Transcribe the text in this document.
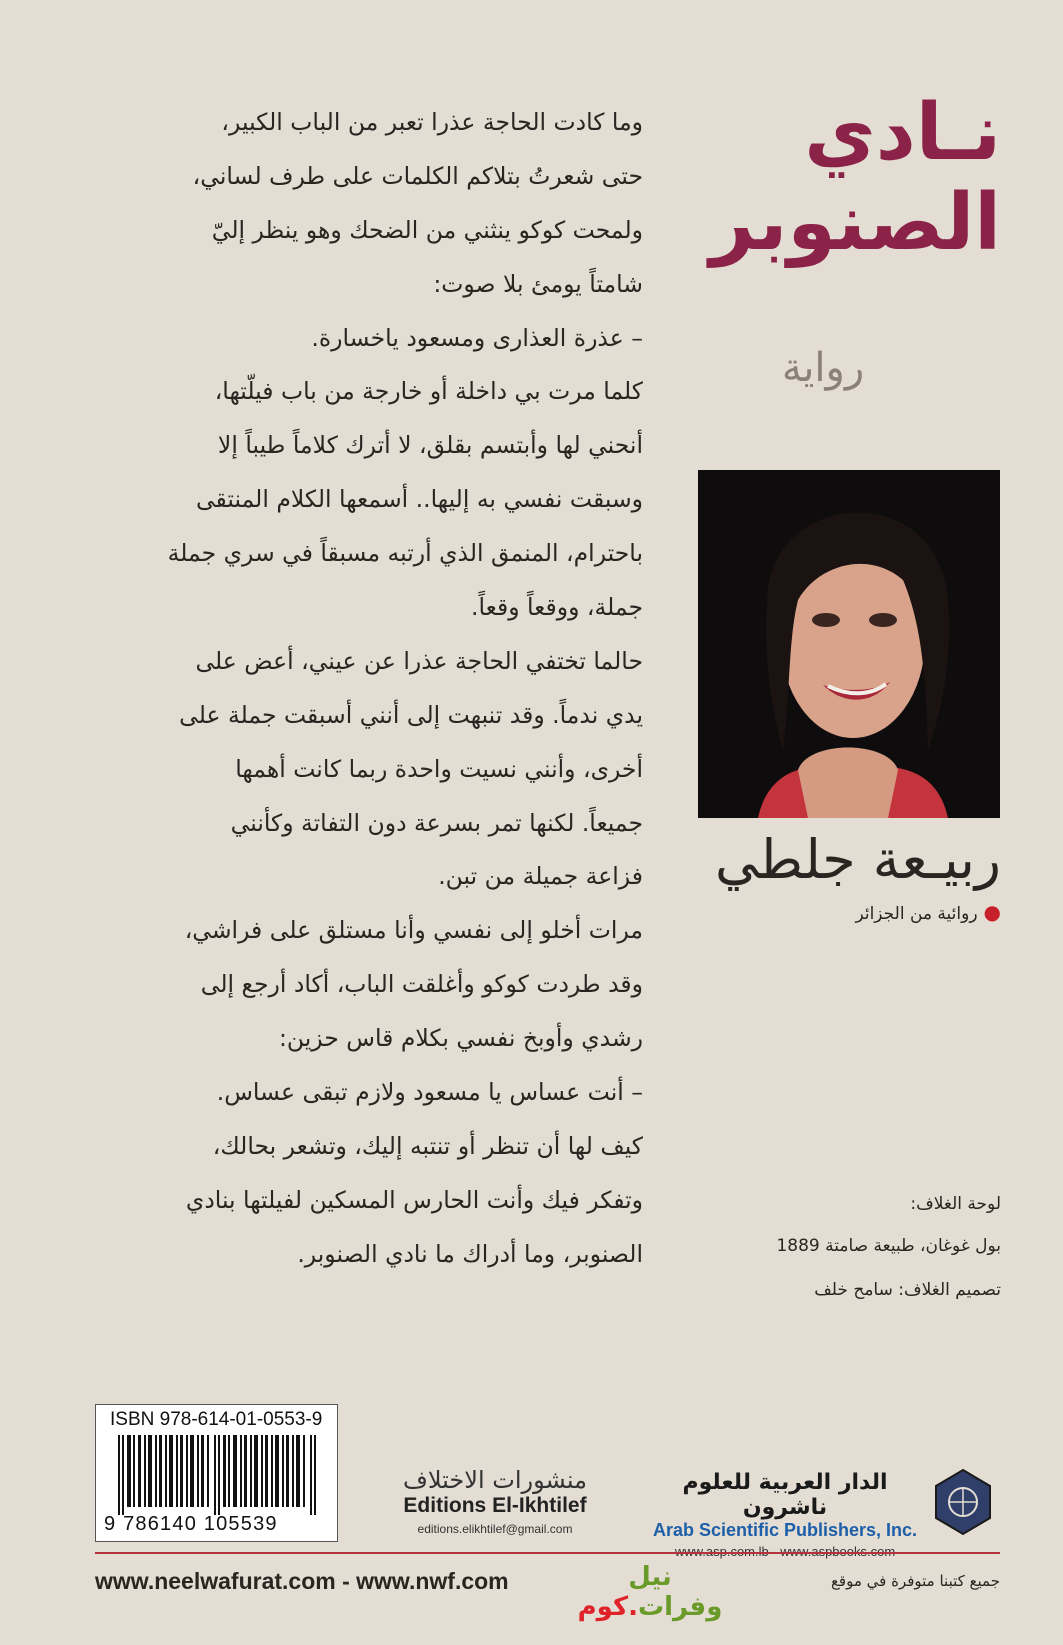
نـادي
الصنوبر
رواية
ربيـعة جلطي
●روائية من الجزائر
وما كادت الحاجة عذرا تعبر من الباب الكبير،
حتى شعرتُ بتلاكم الكلمات على طرف لساني،
ولمحت كوكو ينثني من الضحك وهو ينظر إليّ
شامتاً يومئ بلا صوت:
– عذرة العذارى ومسعود ياخسارة.
كلما مرت بي داخلة أو خارجة من باب فيلّتها،
أنحني لها وأبتسم بقلق، لا أترك كلاماً طيباً إلا
وسبقت نفسي به إليها.. أسمعها الكلام المنتقى
باحترام، المنمق الذي أرتبه مسبقاً في سري جملة
جملة، ووقعاً وقعاً.
حالما تختفي الحاجة عذرا عن عيني، أعض على
يدي ندماً. وقد تنبهت إلى أنني أسبقت جملة على
أخرى، وأنني نسيت واحدة ربما كانت أهمها
جميعاً. لكنها تمر بسرعة دون التفاتة وكأنني
فزاعة جميلة من تبن.
مرات أخلو إلى نفسي وأنا مستلق على فراشي،
وقد طردت كوكو وأغلقت الباب، أكاد أرجع إلى
رشدي وأوبخ نفسي بكلام قاس حزين:
– أنت عساس يا مسعود ولازم تبقى عساس.
كيف لها أن تنظر أو تنتبه إليك، وتشعر بحالك،
وتفكر فيك وأنت الحارس المسكين لفيلتها بنادي
الصنوبر، وما أدراك ما نادي الصنوبر.
لوحة الغلاف:
بول غوغان، طبيعة صامتة 1889
تصميم الغلاف: سامح خلف
ISBN 978-614-01-0553-9
9 786140 105539
منشورات الاختلاف
Editions El-Ikhtilef
editions.elikhtilef@gmail.com
الدار العربية للعلوم ناشرون
Arab Scientific Publishers, Inc.
www.neelwafurat.com - www.nwf.com	نيل وفرات.كوم
جميع كتبنا متوفرة في موقع
